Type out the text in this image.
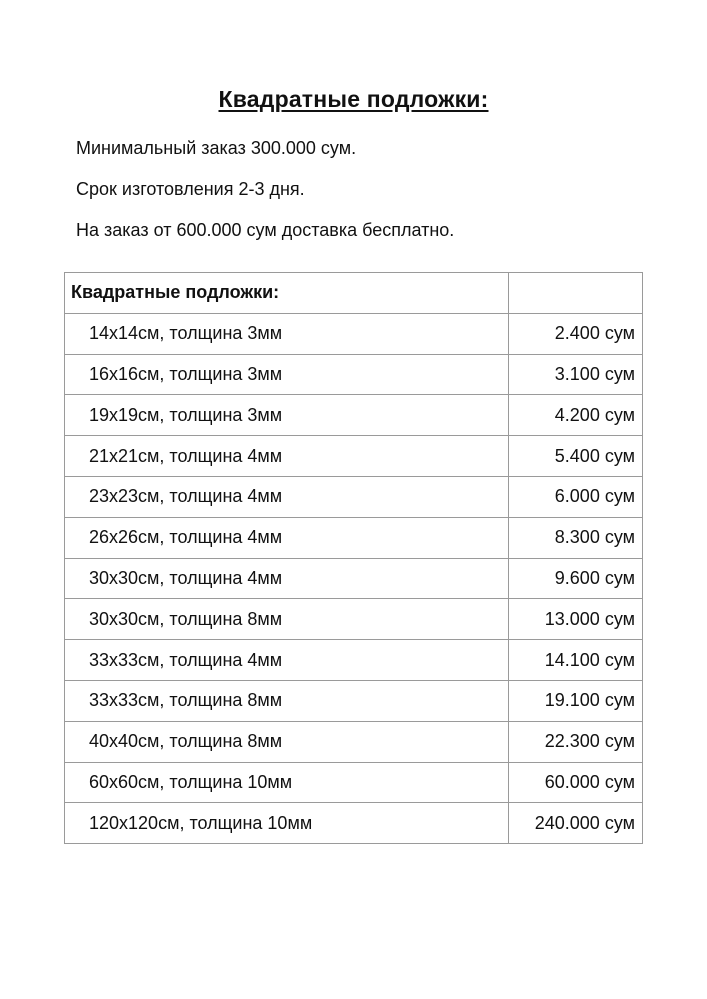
Квадратные подложки:
Минимальный заказ 300.000 сум.
Срок изготовления 2-3 дня.
На заказ от 600.000 сум доставка бесплатно.
Квадратные подложки:	
14х14см, толщина 3мм	2.400 сум
16х16см, толщина 3мм	3.100 сум
19х19см, толщина 3мм	4.200 сум
21х21см, толщина 4мм	5.400 сум
23х23см, толщина 4мм	6.000 сум
26х26см, толщина 4мм	8.300 сум
30х30см, толщина 4мм	9.600 сум
30х30см, толщина 8мм	13.000 сум
33х33см, толщина 4мм	14.100 сум
33х33см, толщина 8мм	19.100 сум
40х40см, толщина 8мм	22.300 сум
60х60см, толщина 10мм	60.000 сум
120х120см, толщина 10мм	240.000 сум
